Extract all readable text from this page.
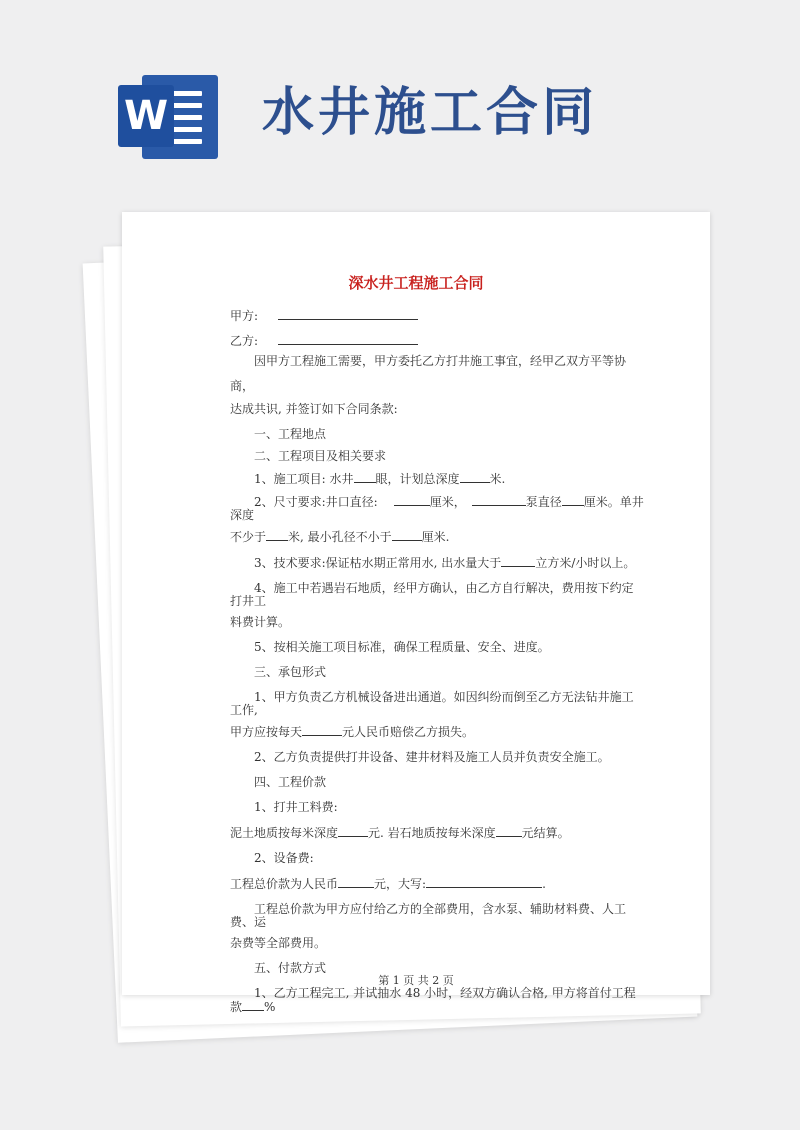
W 水井施工合同
深水井工程施工合同
甲方:
乙方:

因甲方工程施工需要，甲方委托乙方打井施工事宜，经甲乙双方平等协商，

达成共识, 并签订如下合同条款:

一、工程地点

二、工程项目及相关要求

1、施工项目: 水井 眼，计划总深度	米.

2、尺寸要求:井口直径:	厘米，	泵直径 厘米。单井深度

不少于 米, 最小孔径不小于	厘米.

3、技术要求:保证枯水期正常用水, 出水量大于	立方米/小时以上。

4、施工中若遇岩石地质，经甲方确认，由乙方自行解决，费用按下约定打井工

料费计算。

5、按相关施工项目标准，确保工程质量、安全、进度。

三、承包形式

1、甲方负责乙方机械设备进出通道。如因纠纷而倒至乙方无法钻井施工工作,

甲方应按每天	元人民币赔偿乙方损失。

2、乙方负责提供打井设备、建井材料及施工人员并负责安全施工。

四、工程价款

1、打井工料费:

泥土地质按每米深度	元. 岩石地质按每米深度 元结算。

2、设备费:

工程总价款为人民币	元，大写:	.

工程总价款为甲方应付给乙方的全部费用，含水泵、辅助材料费、人工费、运

杂费等全部费用。

五、付款方式

1、乙方工程完工, 并试抽水 48 小时，经双方确认合格, 甲方将首付工程款 %

第 1 页 共 2 页
